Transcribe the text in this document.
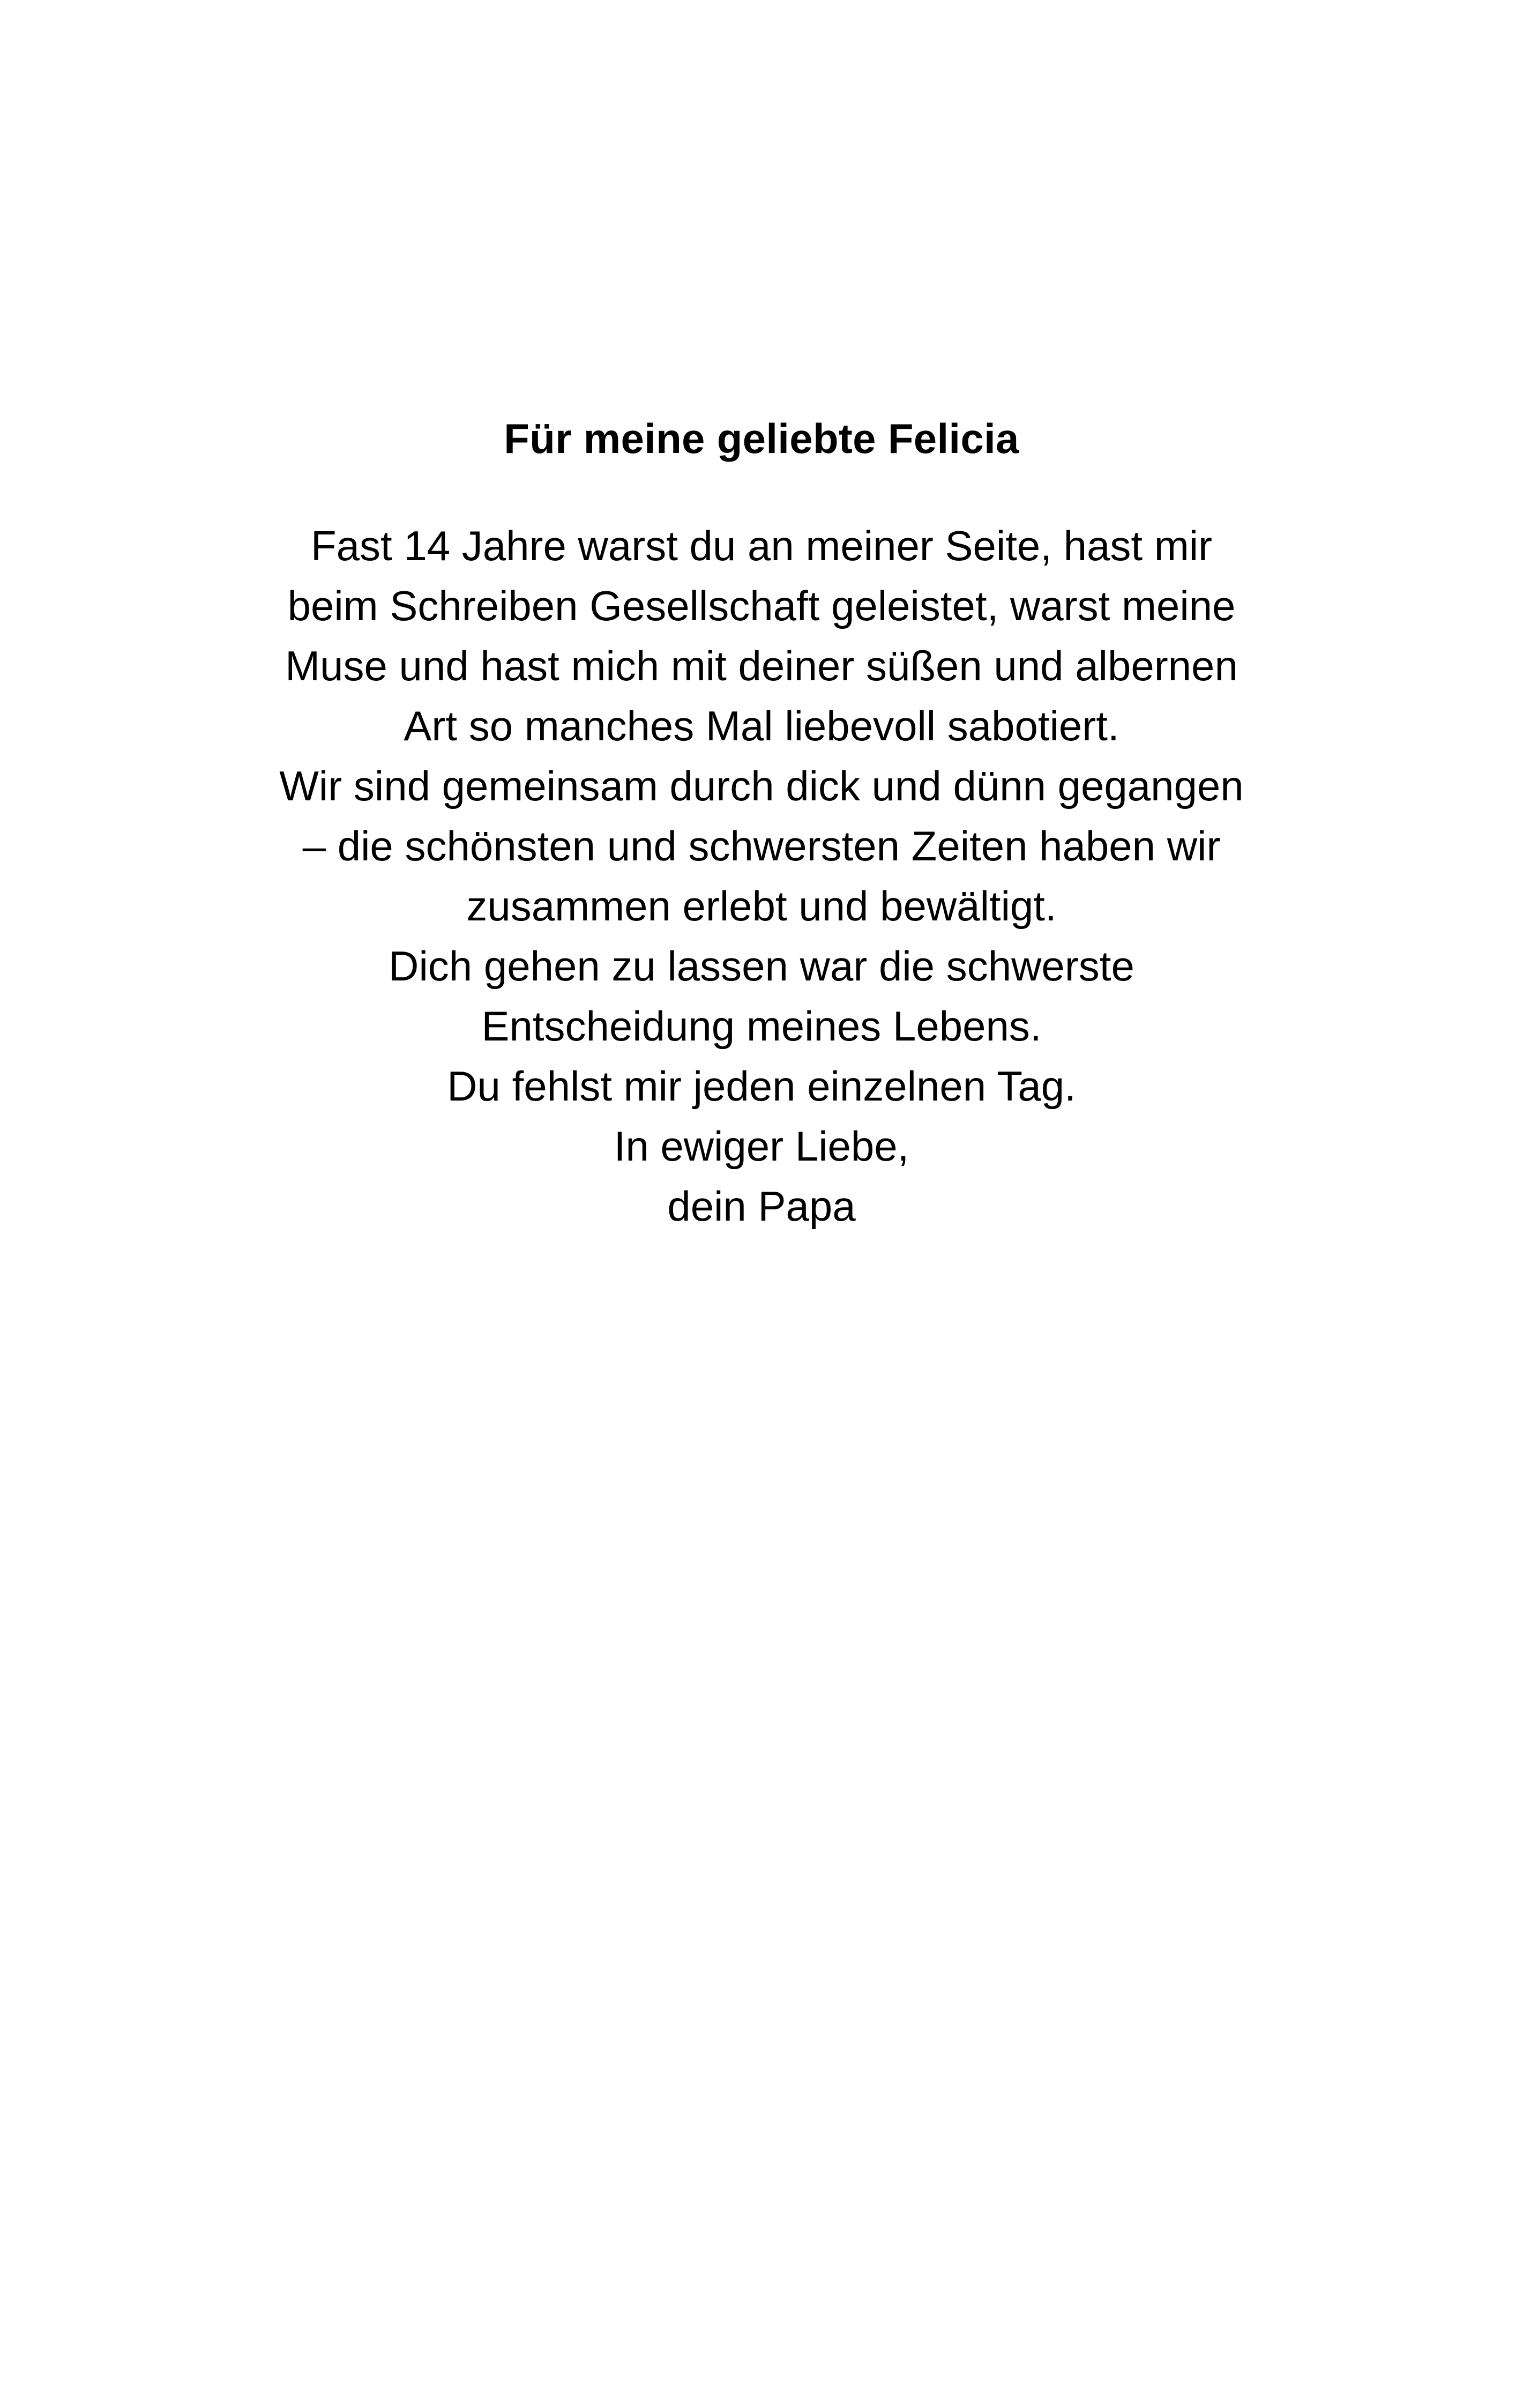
Für meine geliebte Felicia
Fast 14 Jahre warst du an meiner Seite, hast mir
beim Schreiben Gesellschaft geleistet, warst meine
Muse und hast mich mit deiner süßen und albernen
Art so manches Mal liebevoll sabotiert.
Wir sind gemeinsam durch dick und dünn gegangen
– die schönsten und schwersten Zeiten haben wir
zusammen erlebt und bewältigt.
Dich gehen zu lassen war die schwerste
Entscheidung meines Lebens.
Du fehlst mir jeden einzelnen Tag.
In ewiger Liebe,
dein Papa
